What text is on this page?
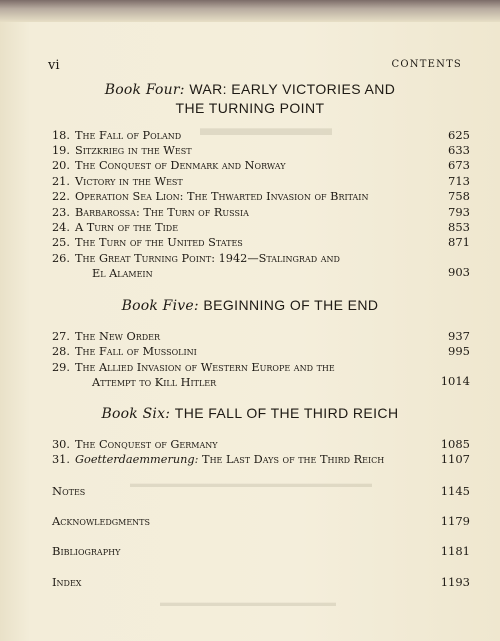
▬▬▬▬▬▬
▬▬▬▬▬▬▬▬▬▬▬▬▬▬▬▬▬▬▬▬▬▬
▬▬▬▬▬▬▬▬▬▬▬▬▬▬▬▬
vi	CONTENTS
Book Four: WAR: EARLY VICTORIES AND
THE TURNING POINT
18. The Fall of Poland	625
19. Sitzkrieg in the West	633
20. The Conquest of Denmark and Norway	673
21. Victory in the West	713
22. Operation Sea Lion: The Thwarted Invasion of Britain	758
23. Barbarossa: The Turn of Russia	793
24. A Turn of the Tide	853
25. The Turn of the United States	871
26. The Great Turning Point: 1942—Stalingrad and
El Alamein	903
Book Five: BEGINNING OF THE END
27. The New Order	937
28. The Fall of Mussolini	995
29. The Allied Invasion of Western Europe and the
Attempt to Kill Hitler	1014
Book Six: THE FALL OF THE THIRD REICH
30. The Conquest of Germany	1085
31. Goetterdaemmerung: The Last Days of the Third Reich	1107
Notes	1145
Acknowledgments	1179
Bibliography	1181
Index	1193
